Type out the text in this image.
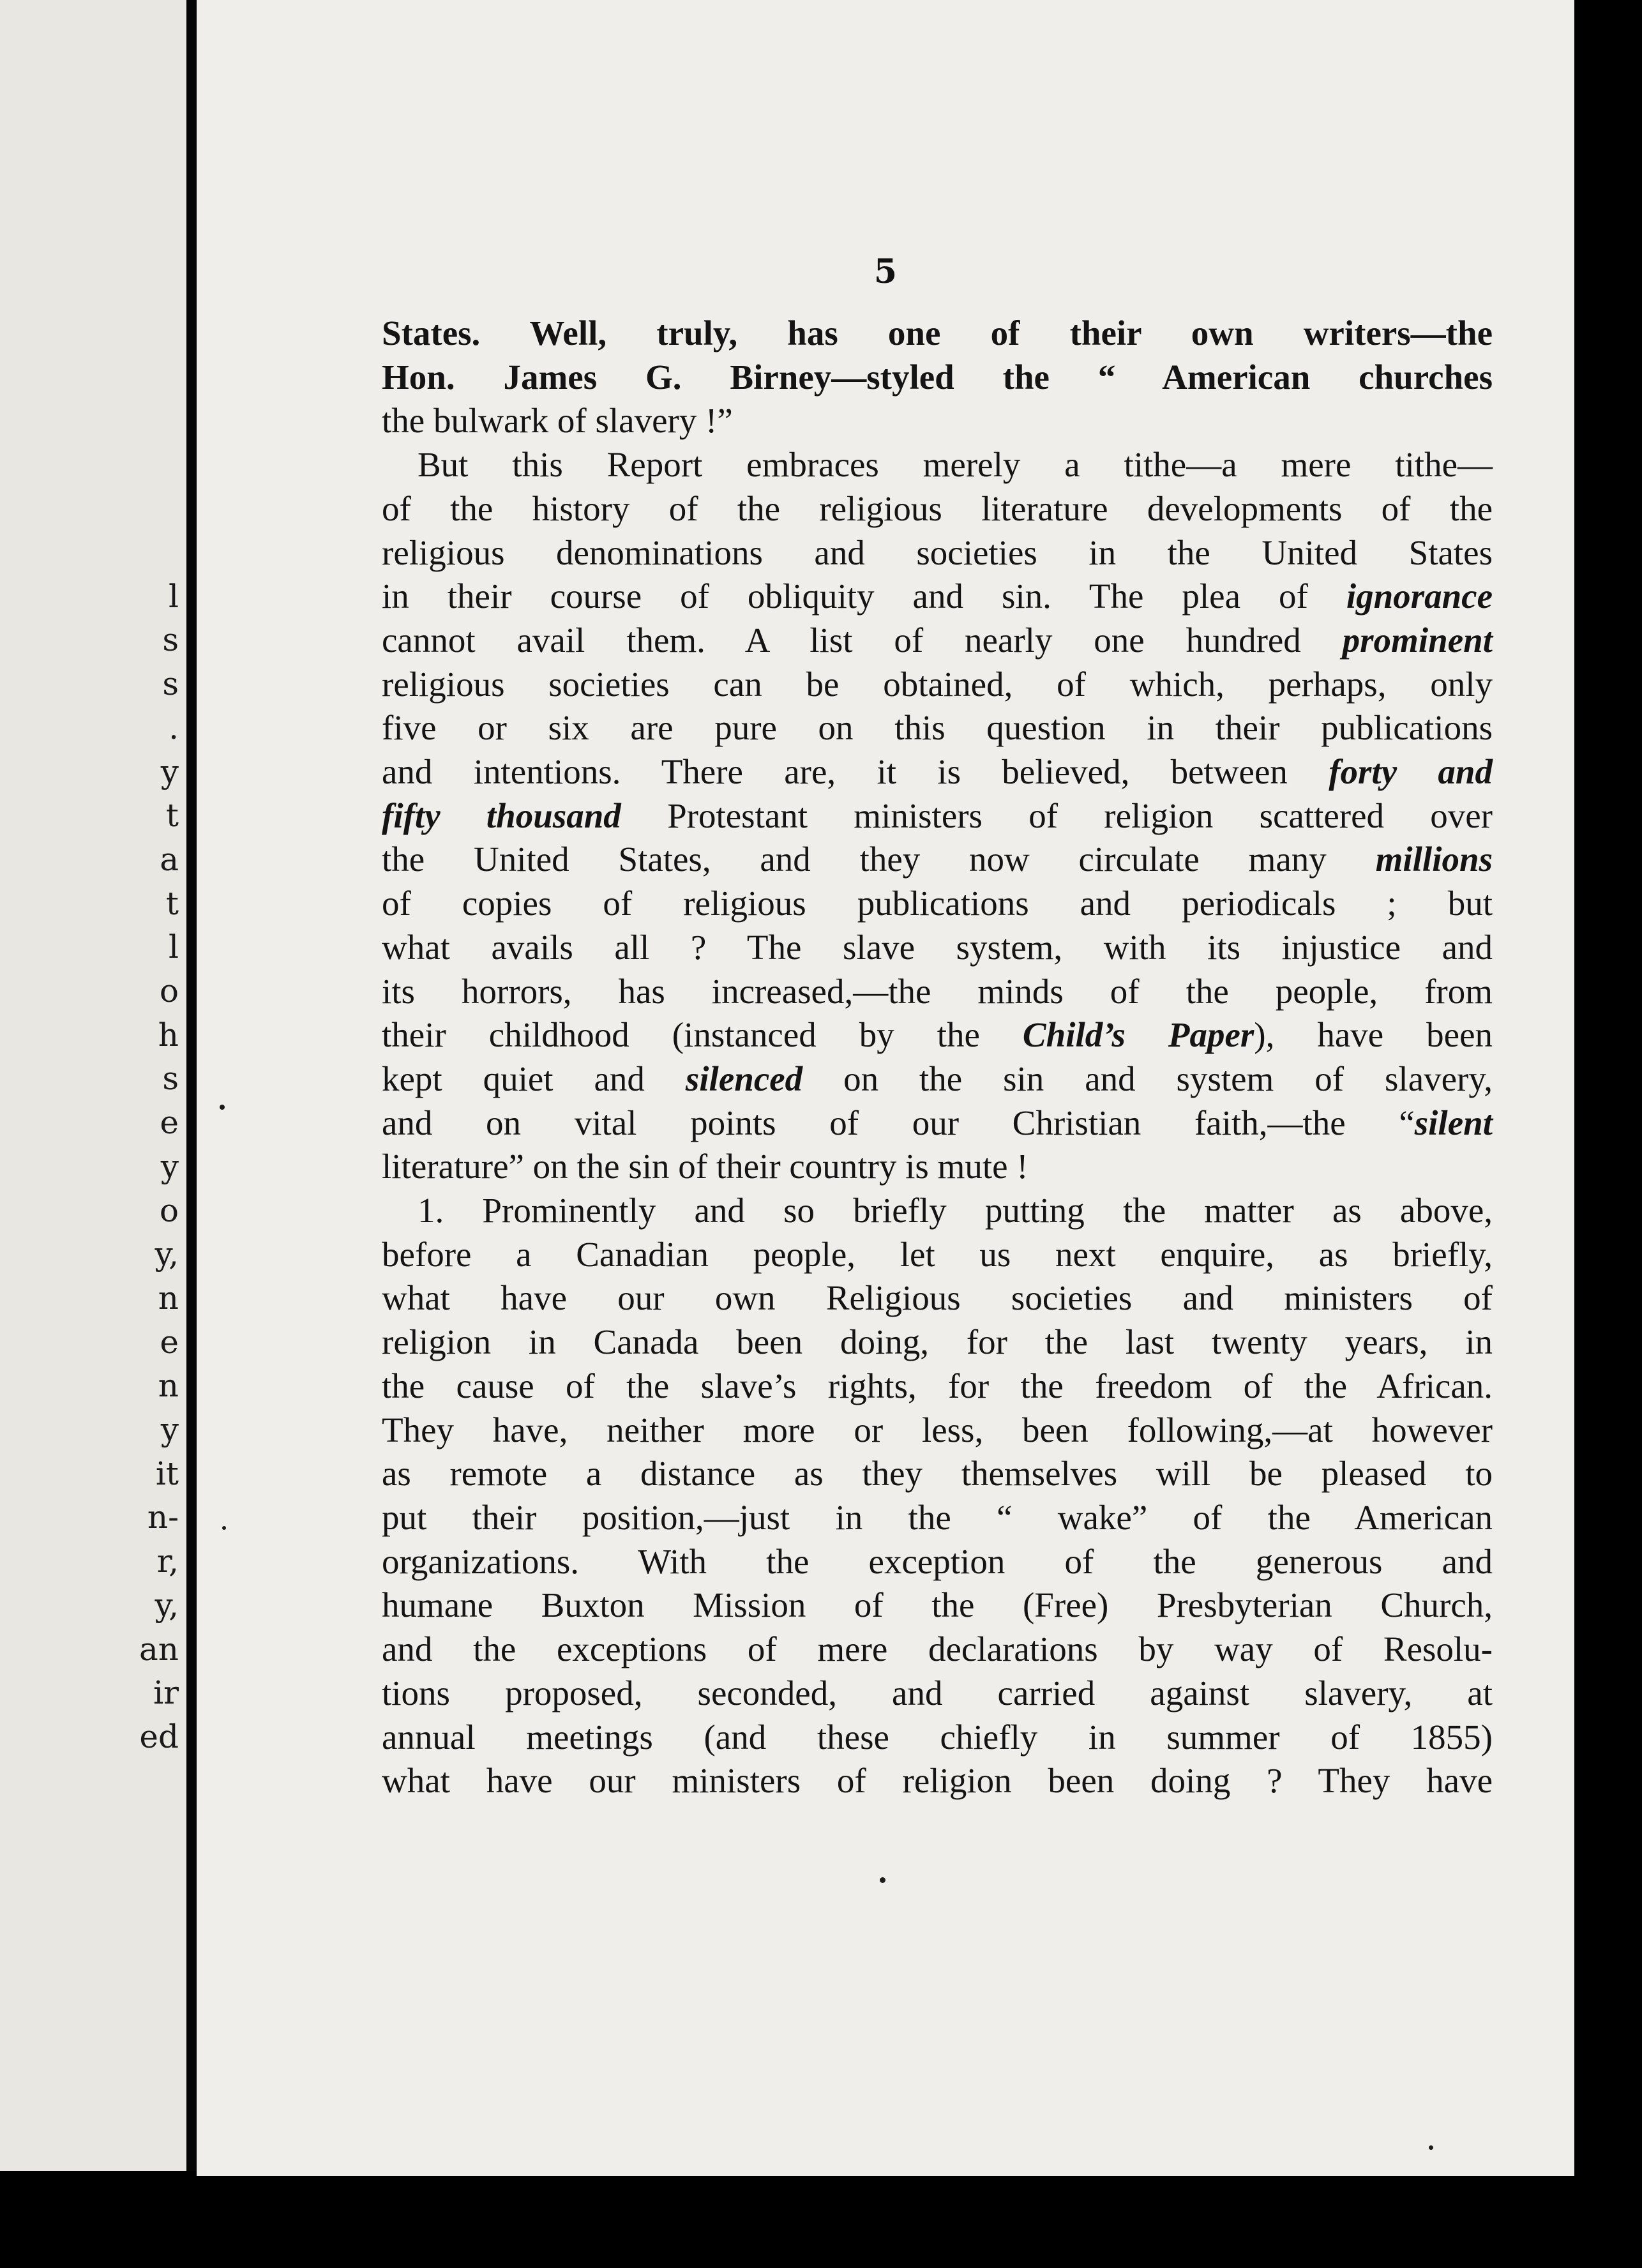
l
s
s
.
y
t
a
t
l
o
h
s
e
y
o
y,
n
e
n
y
it
n-
r,
y,
an
ir
ed

5

States. Well, truly, has one of their own writers—the
Hon. James G. Birney—styled the “ American churches
the bulwark of slavery !”
But this Report embraces merely a tithe—a mere tithe—
of the history of the religious literature developments of the
religious denominations and societies in the United States
in their course of obliquity and sin. The plea of ignorance
cannot avail them. A list of nearly one hundred prominent
religious societies can be obtained, of which, perhaps, only
five or six are pure on this question in their publications
and intentions. There are, it is believed, between forty and
fifty thousand Protestant ministers of religion scattered over
the United States, and they now circulate many millions
of copies of religious publications and periodicals ; but
what avails all ? The slave system, with its injustice and
its horrors, has increased,—the minds of the people, from
their childhood (instanced by the Child’s Paper), have been
kept quiet and silenced on the sin and system of slavery,
and on vital points of our Christian faith,—the “silent
literature” on the sin of their country is mute !
1. Prominently and so briefly putting the matter as above,
before a Canadian people, let us next enquire, as briefly,
what have our own Religious societies and ministers of
religion in Canada been doing, for the last twenty years, in
the cause of the slave’s rights, for the freedom of the African.
They have, neither more or less, been following,—at however
as remote a distance as they themselves will be pleased to
put their position,—just in the “ wake” of the American
organizations. With the exception of the generous and
humane Buxton Mission of the (Free) Presbyterian Church,
and the exceptions of mere declarations by way of Resolu-
tions proposed, seconded, and carried against slavery, at
annual meetings (and these chiefly in summer of 1855)
what have our ministers of religion been doing ? They have
